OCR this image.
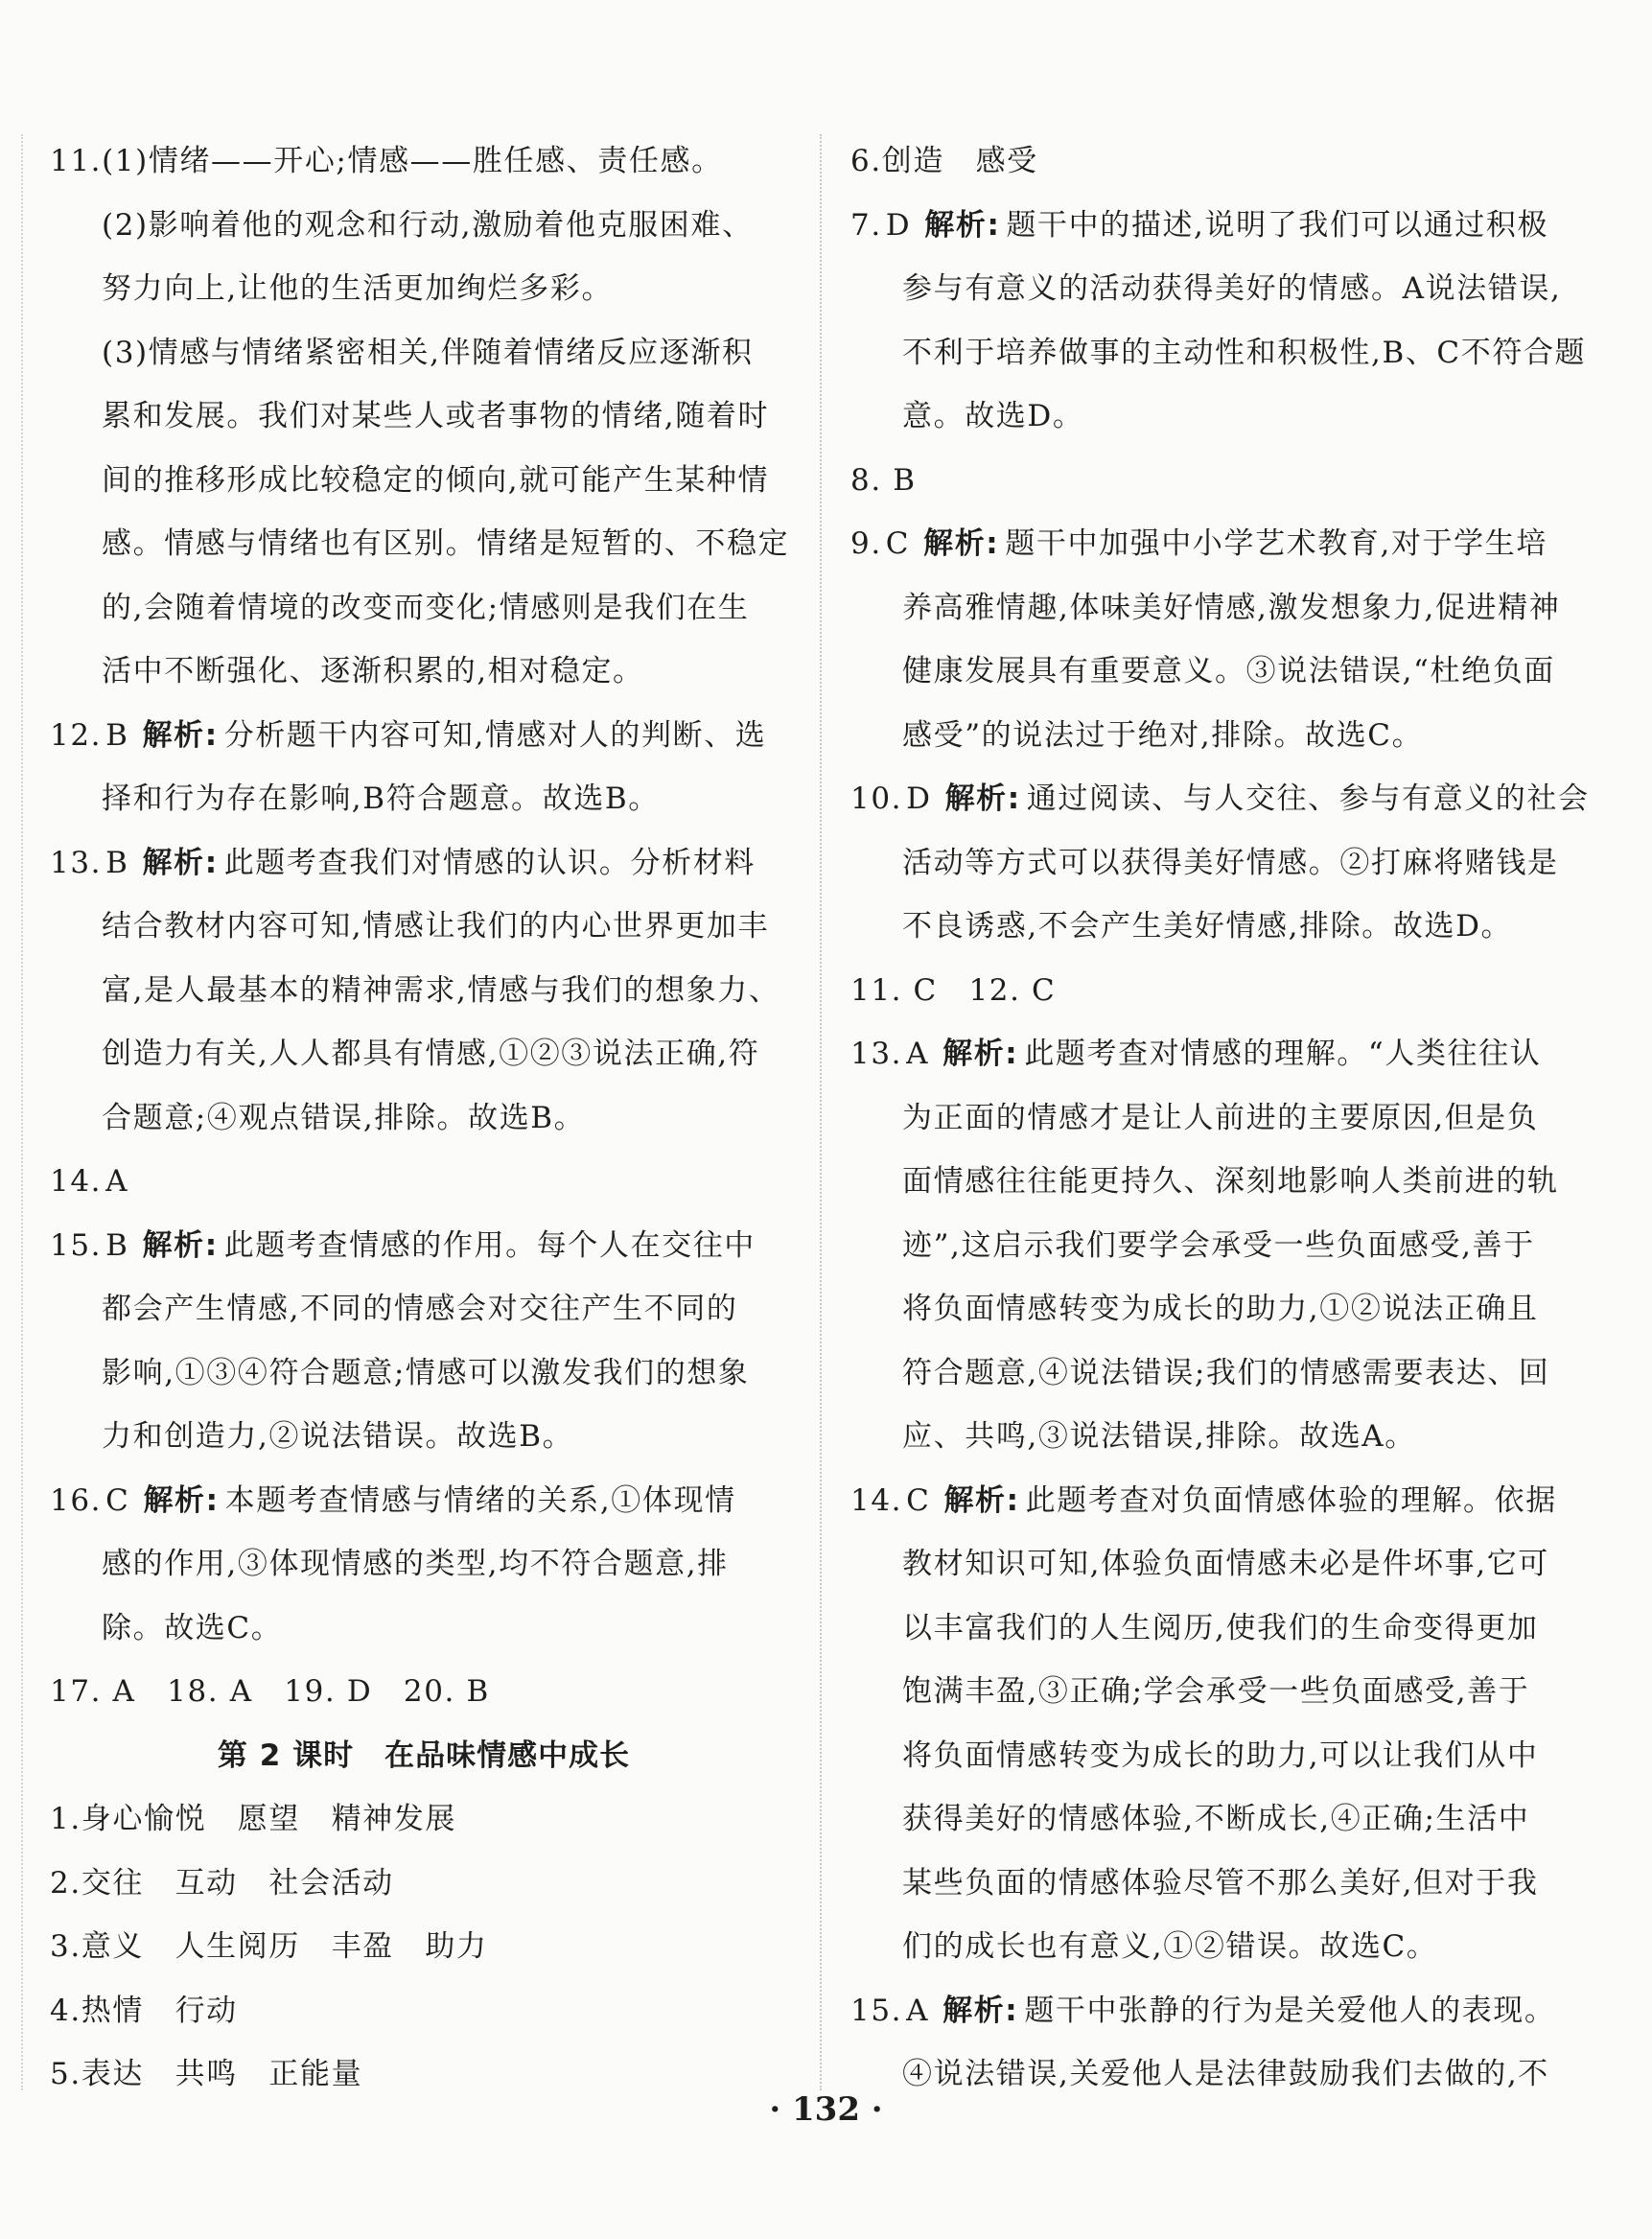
11.(1)情绪——开心;情感——胜任感、责任感。
(2)影响着他的观念和行动,激励着他克服困难、
努力向上,让他的生活更加绚烂多彩。
(3)情感与情绪紧密相关,伴随着情绪反应逐渐积
累和发展。我们对某些人或者事物的情绪,随着时
间的推移形成比较稳定的倾向,就可能产生某种情
感。情感与情绪也有区别。情绪是短暂的、不稳定
的,会随着情境的改变而变化;情感则是我们在生
活中不断强化、逐渐积累的,相对稳定。
12. B 解析: 分析题干内容可知,情感对人的判断、选
择和行为存在影响,B符合题意。故选B。
13. B 解析: 此题考查我们对情感的认识。分析材料
结合教材内容可知,情感让我们的内心世界更加丰
富,是人最基本的精神需求,情感与我们的想象力、
创造力有关,人人都具有情感,①②③说法正确,符
合题意;④观点错误,排除。故选B。
14. A
15. B 解析: 此题考查情感的作用。每个人在交往中
都会产生情感,不同的情感会对交往产生不同的
影响,①③④符合题意;情感可以激发我们的想象
力和创造力,②说法错误。故选B。
16. C 解析: 本题考查情感与情绪的关系,①体现情
感的作用,③体现情感的类型,均不符合题意,排
除。故选C。
17. A　18. A　19. D　20. B
第 2 课时　在品味情感中成长
1.身心愉悦　愿望　精神发展
2.交往　互动　社会活动
3.意义　人生阅历　丰盈　助力
4.热情　行动
5.表达　共鸣　正能量
6.创造　感受
7. D 解析: 题干中的描述,说明了我们可以通过积极
参与有意义的活动获得美好的情感。A说法错误,
不利于培养做事的主动性和积极性,B、C不符合题
意。故选D。
8. B
9. C 解析: 题干中加强中小学艺术教育,对于学生培
养高雅情趣,体味美好情感,激发想象力,促进精神
健康发展具有重要意义。③说法错误,“杜绝负面
感受”的说法过于绝对,排除。故选C。
10. D 解析: 通过阅读、与人交往、参与有意义的社会
活动等方式可以获得美好情感。②打麻将赌钱是
不良诱惑,不会产生美好情感,排除。故选D。
11. C　12. C
13. A 解析: 此题考查对情感的理解。“人类往往认
为正面的情感才是让人前进的主要原因,但是负
面情感往往能更持久、深刻地影响人类前进的轨
迹”,这启示我们要学会承受一些负面感受,善于
将负面情感转变为成长的助力,①②说法正确且
符合题意,④说法错误;我们的情感需要表达、回
应、共鸣,③说法错误,排除。故选A。
14. C 解析: 此题考查对负面情感体验的理解。依据
教材知识可知,体验负面情感未必是件坏事,它可
以丰富我们的人生阅历,使我们的生命变得更加
饱满丰盈,③正确;学会承受一些负面感受,善于
将负面情感转变为成长的助力,可以让我们从中
获得美好的情感体验,不断成长,④正确;生活中
某些负面的情感体验尽管不那么美好,但对于我
们的成长也有意义,①②错误。故选C。
15. A 解析: 题干中张静的行为是关爱他人的表现。
④说法错误,关爱他人是法律鼓励我们去做的,不
· 132 ·
